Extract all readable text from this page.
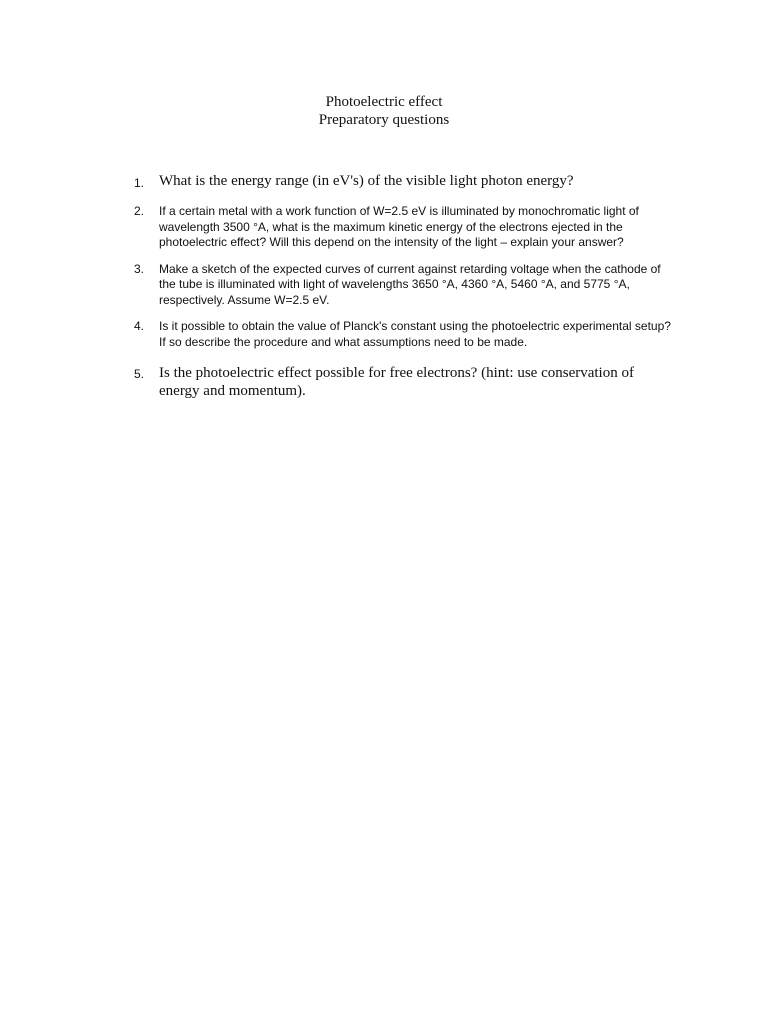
Photoelectric effect
Preparatory questions
1. What is the energy range (in eV's) of the visible light photon energy?
2. If a certain metal with a work function of W=2.5 eV is illuminated by monochromatic light of wavelength 3500 °A, what is the maximum kinetic energy of the electrons ejected in the photoelectric effect? Will this depend on the intensity of the light – explain your answer?
3. Make a sketch of the expected curves of current against retarding voltage when the cathode of the tube is illuminated with light of wavelengths 3650 °A, 4360 °A, 5460 °A, and 5775 °A, respectively. Assume W=2.5 eV.
4. Is it possible to obtain the value of Planck's constant using the photoelectric experimental setup? If so describe the procedure and what assumptions need to be made.
5. Is the photoelectric effect possible for free electrons? (hint: use conservation of energy and momentum).
